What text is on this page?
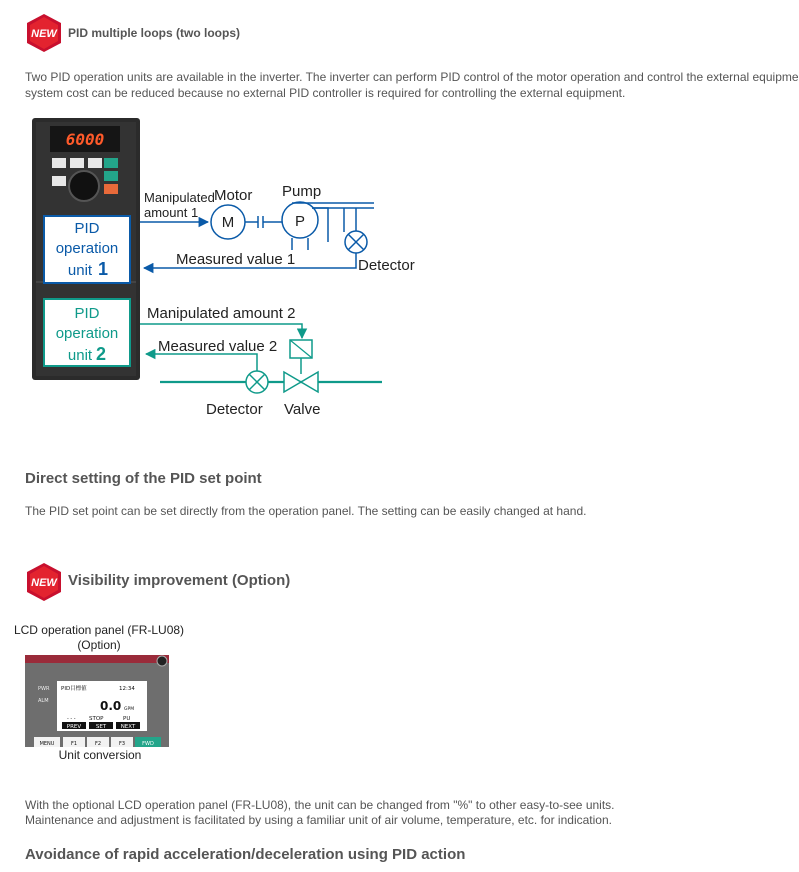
NEW PID multiple loops (two loops)
Two PID operation units are available in the inverter. The inverter can perform PID control of the motor operation and control the external equipme
system cost can be reduced because no external PID controller is required for controlling the external equipment.
6000
PID
operation
unit 1
PID
operation
unit 2
Manipulated
amount 1
Motor
M
Pump
P
Measured value 1	Detector
Manipulated amount 2
Measured value 2
Detector Valve
Direct setting of the PID set point
The PID set point can be set directly from the operation panel. The setting can be easily changed at hand.
NEW Visibility improvement (Option)
LCD operation panel (FR-LU08)
(Option)
PWR
ALM
PID目標値	12:34
0.0 GPM
- - - STOP	PU
PREV	SET	NEXT
MENU	F1	F2	F3	FWD
Unit conversion
With the optional LCD operation panel (FR-LU08), the unit can be changed from "%" to other easy-to-see units.
Maintenance and adjustment is facilitated by using a familiar unit of air volume, temperature, etc. for indication.
Avoidance of rapid acceleration/deceleration using PID action
